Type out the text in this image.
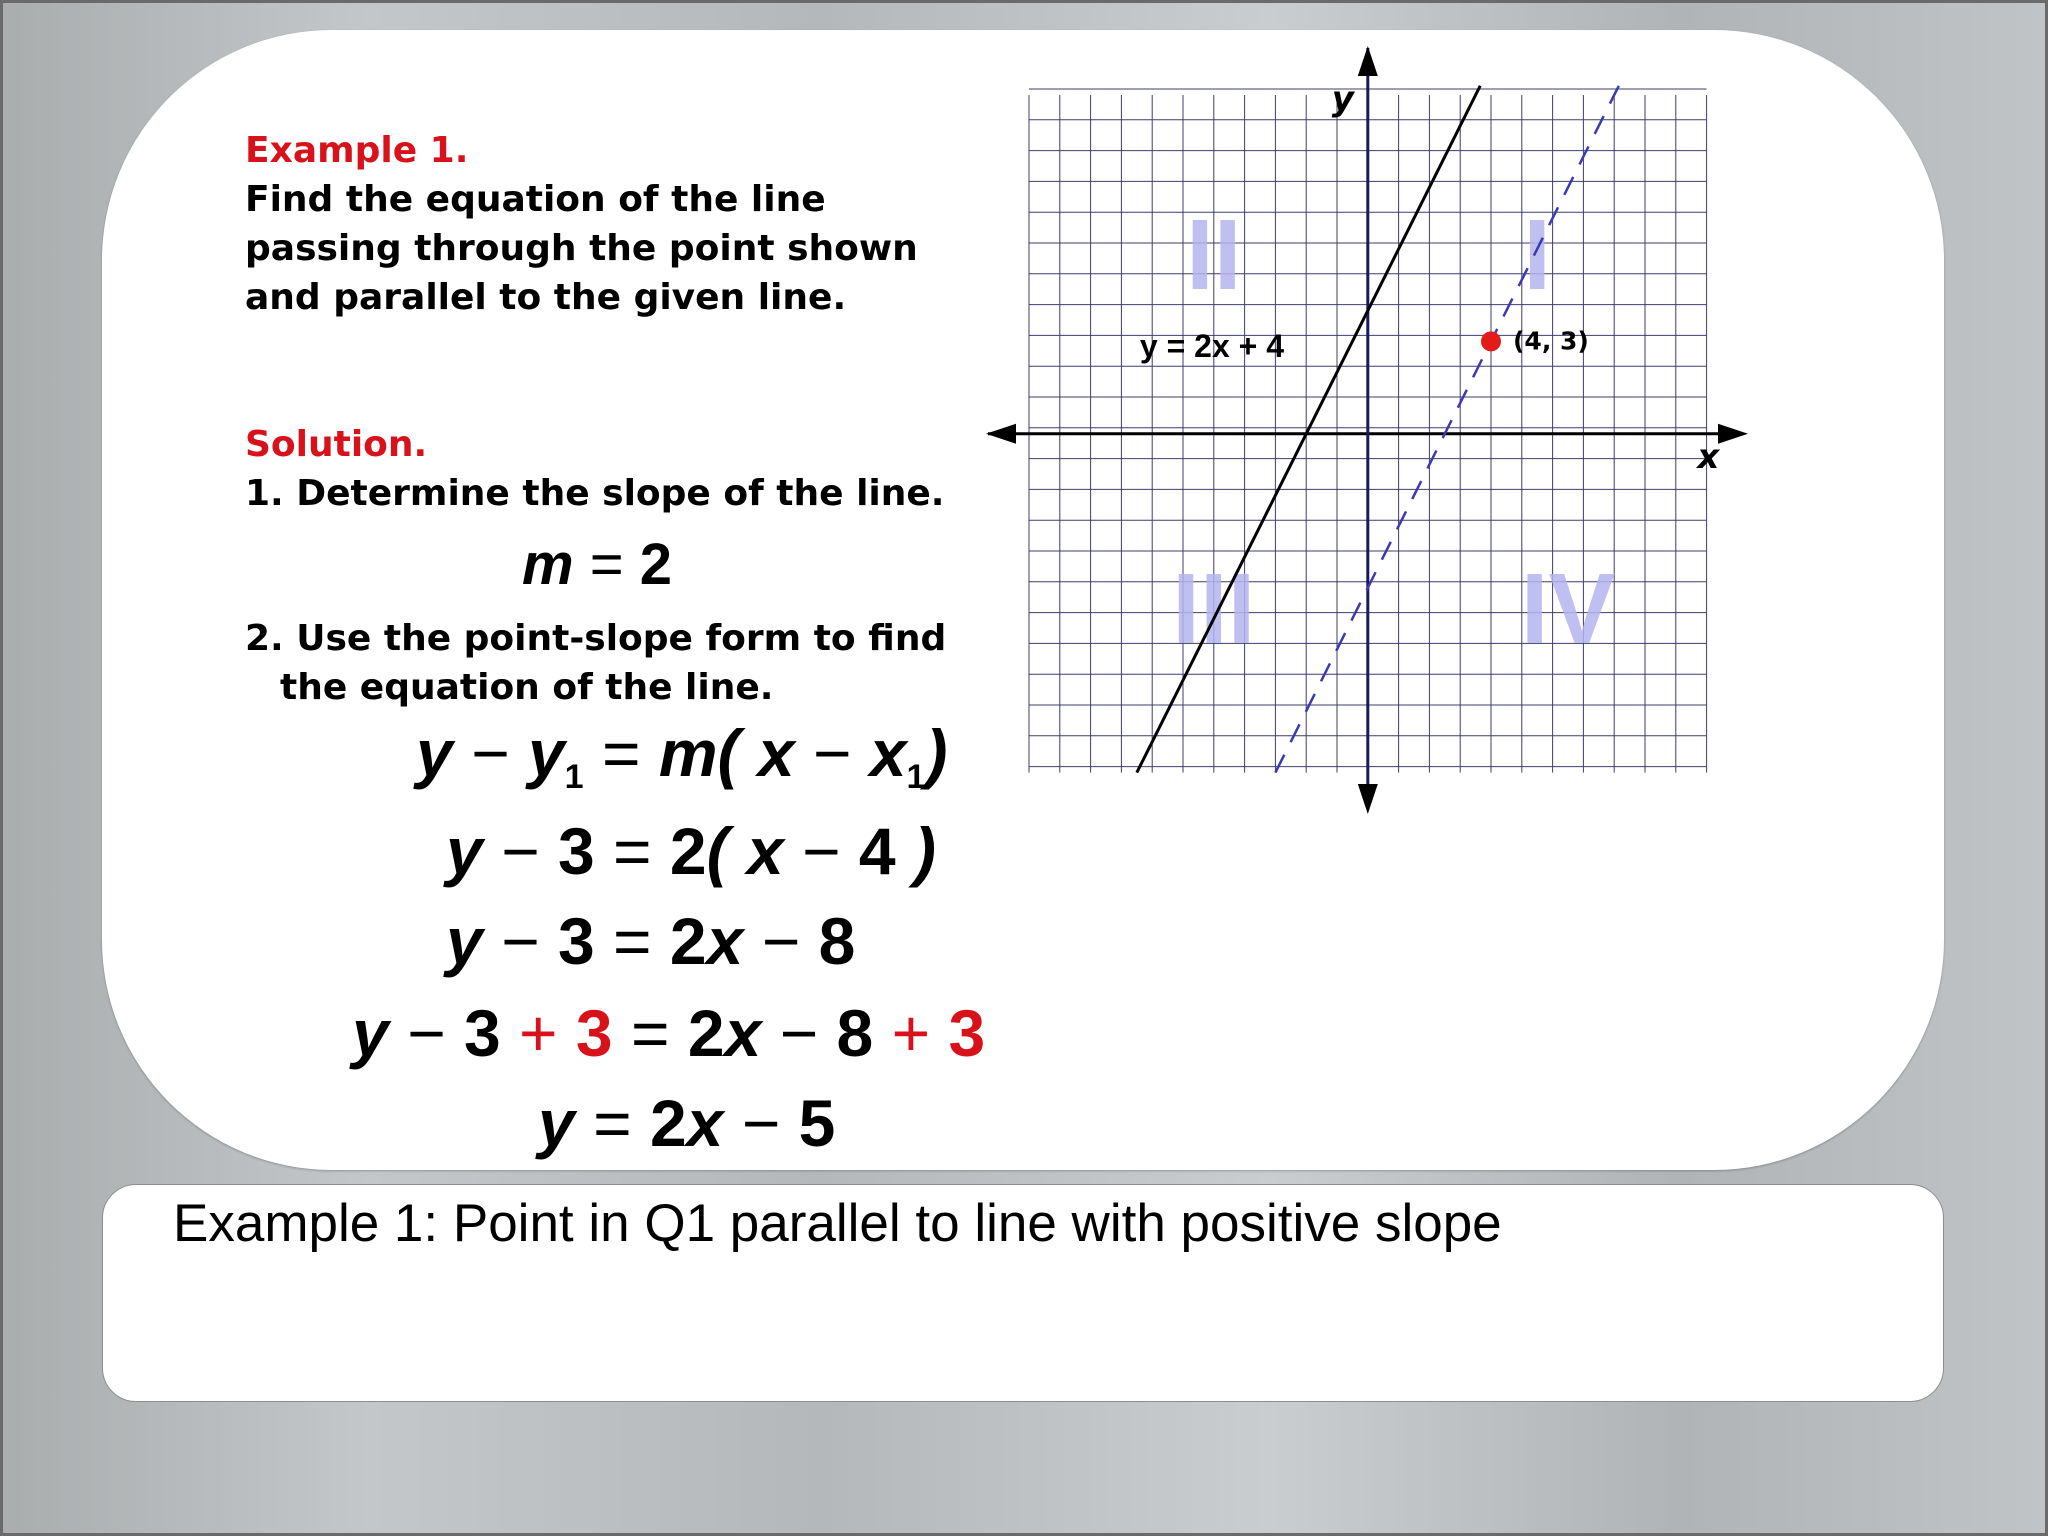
Example 1.
Find the equation of the line
passing through the point shown
and parallel to the given line.
Solution.
1. Determine the slope of the line.
m = 2
2. Use the point-slope form to find
the equation of the line.
$y - y_1 = m$( $x - x_1$)
y − 3 = 2( x − 4 )
y − 3 = 2x − 8
y − 3 + 3 = 2x − 8 + 3
y = 2x − 5
I
II
III	IV
x
y
y = 2x + 4	(4, 3)
Example 1: Point in Q1 parallel to line with positive slope
